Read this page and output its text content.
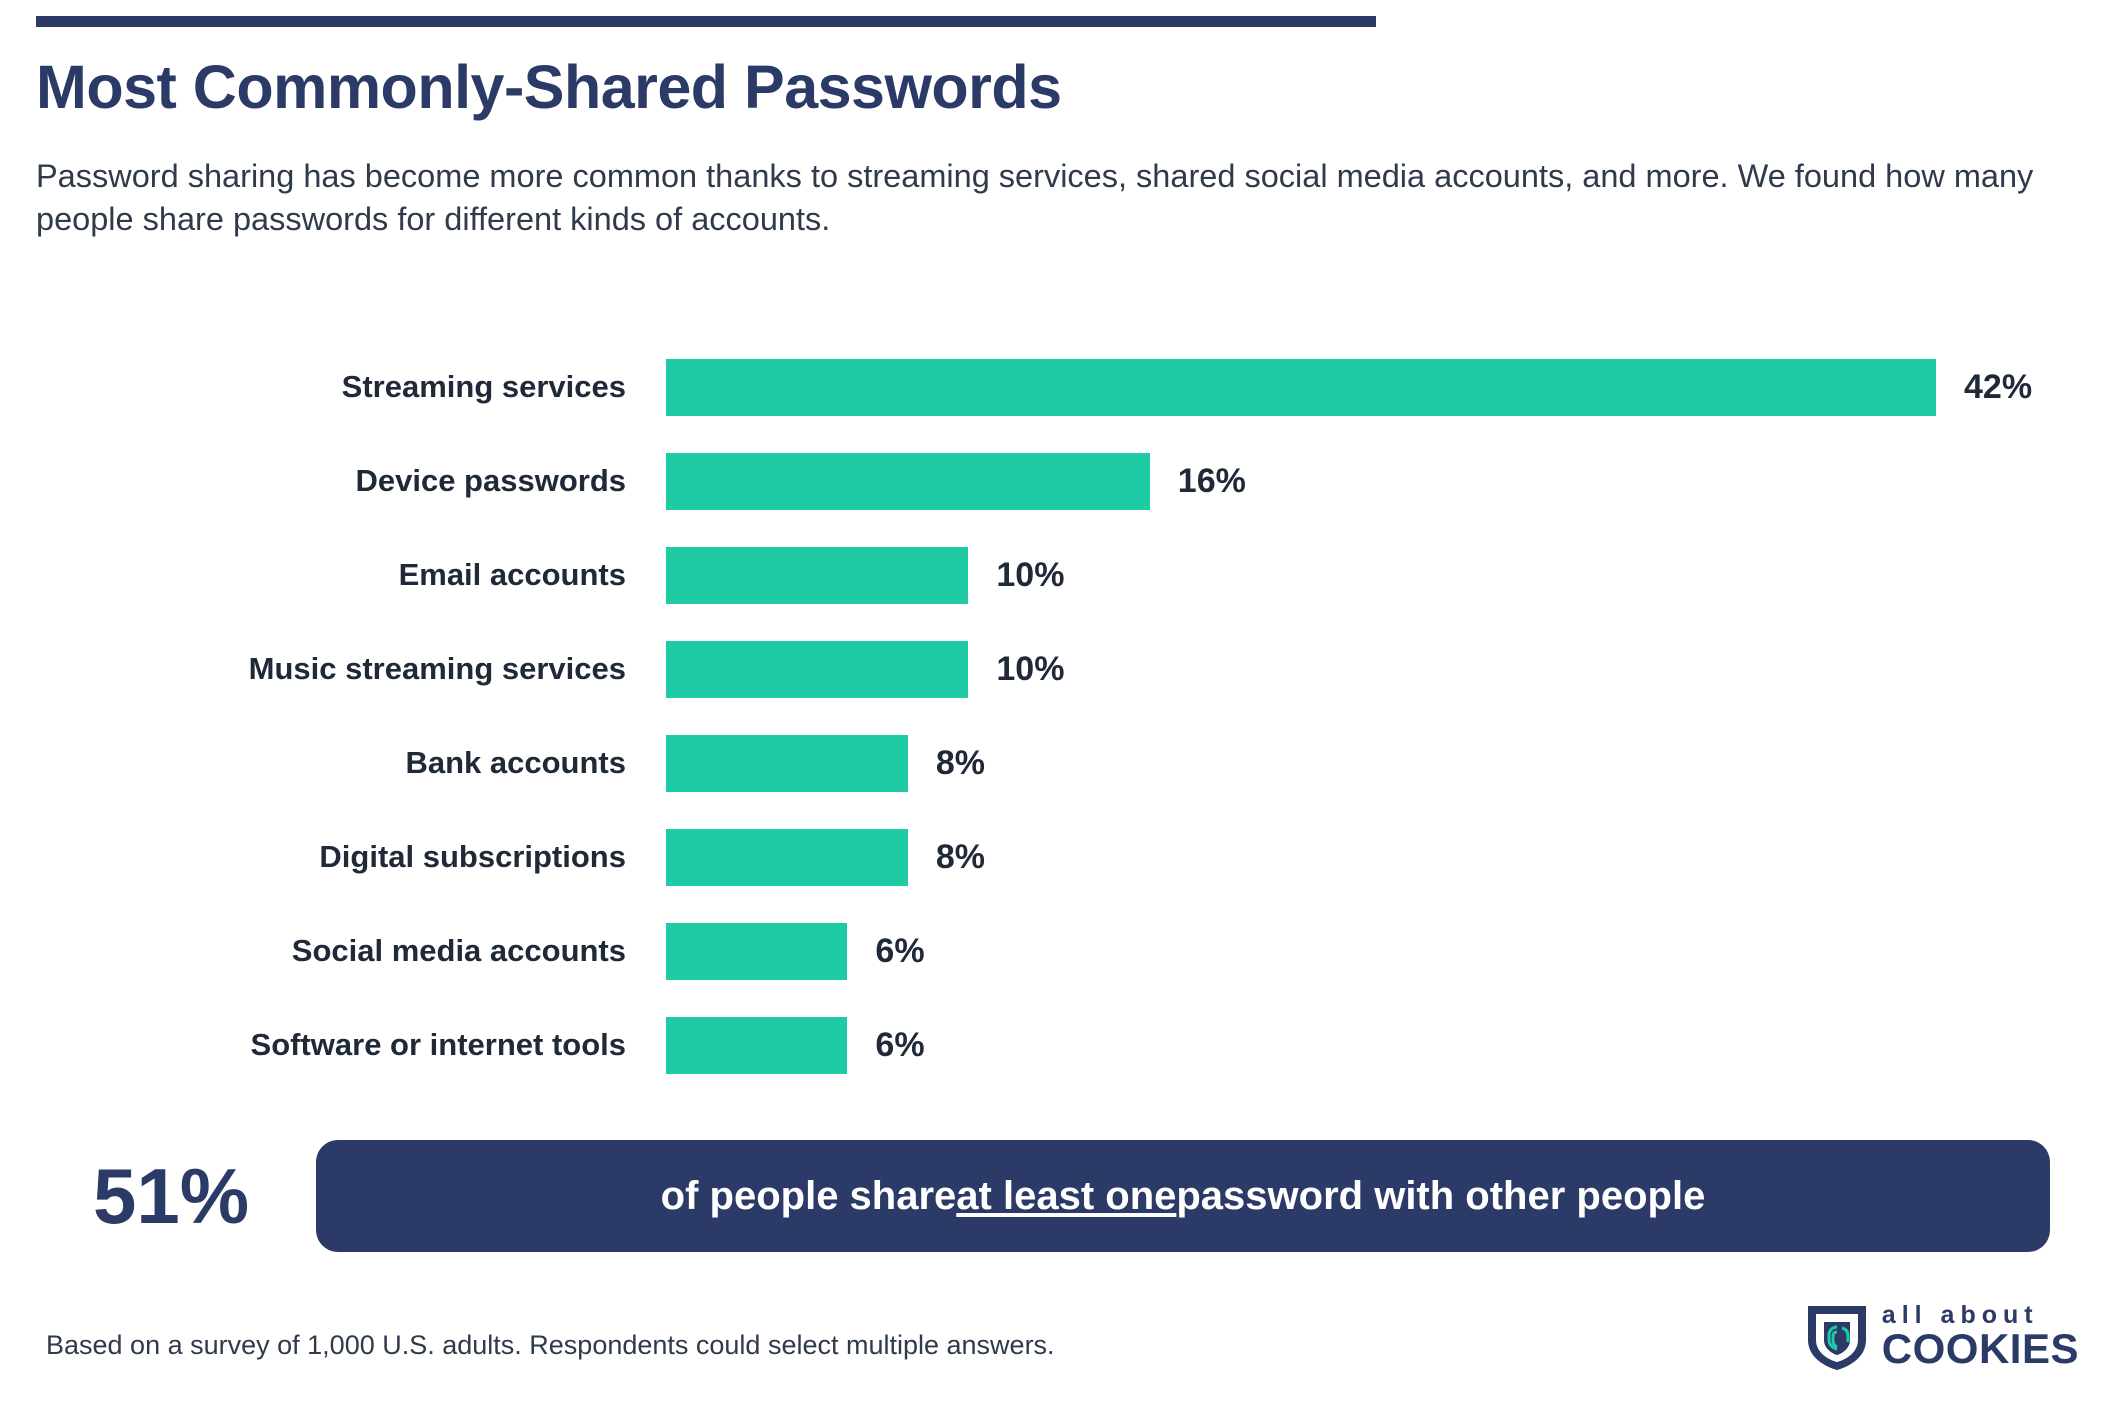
Most Commonly-Shared Passwords
Password sharing has become more common thanks to streaming services, shared social media accounts, and more. We found how many people share passwords for different kinds of accounts.
Streaming services	42%
Device passwords	16%
Email accounts	10%
Music streaming services	10%
Bank accounts	8%
Digital subscriptions	8%
Social media accounts	6%
Software or internet tools	6%
51%	of people share at least one password with other people
Based on a survey of 1,000 U.S. adults. Respondents could select multiple answers.
all about
COOKIES
